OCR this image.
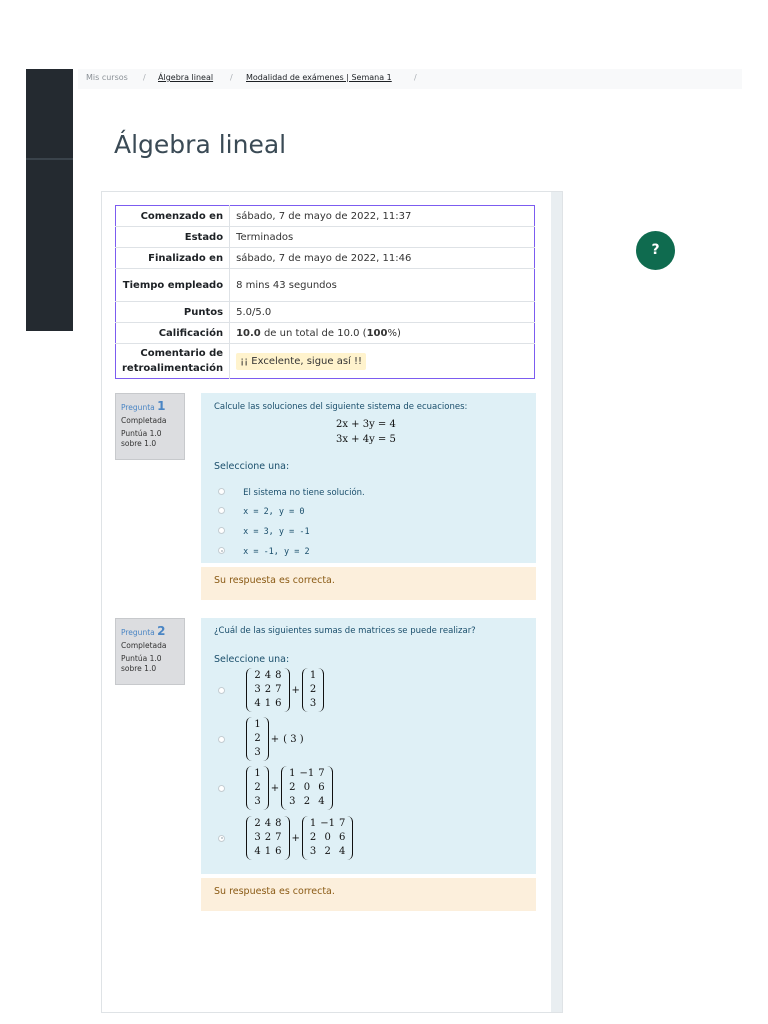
Mis cursos / Álgebra lineal / Modalidad de exámenes | Semana 1	/
Álgebra lineal
Comenzado en	sábado, 7 de mayo de 2022, 11:37
Estado	Terminados
Finalizado en	sábado, 7 de mayo de 2022, 11:46
Tiempo empleado	8 mins 43 segundos
Puntos	5.0/5.0
Calificación	10.0 de un total de 10.0 (100%)
Comentario de retroalimentación	¡¡ Excelente, sigue así !!
Pregunta 1
Completada
Puntúa 1.0 sobre 1.0
Calcule las soluciones del siguiente sistema de ecuaciones:
2x + 3y = 4
3x + 4y = 5
Seleccione una:
El sistema no tiene solución.
x = 2, y = 0
x = 3, y = -1
x = -1, y = 2
Su respuesta es correcta.
Pregunta 2
Completada
Puntúa 1.0 sobre 1.0
¿Cuál de las siguientes sumas de matrices se puede realizar?
Seleccione una:

2	4	8
3	2	7
4	1	6
+
1
2
3

1
2
3
+ ( 3 )

1
2
3
+
1	−1	7
2	0	6
3	2	4

2	4	8
3	2	7
4	1	6
+
1	−1	7
2	0	6
3	2	4
Su respuesta es correcta.
?
